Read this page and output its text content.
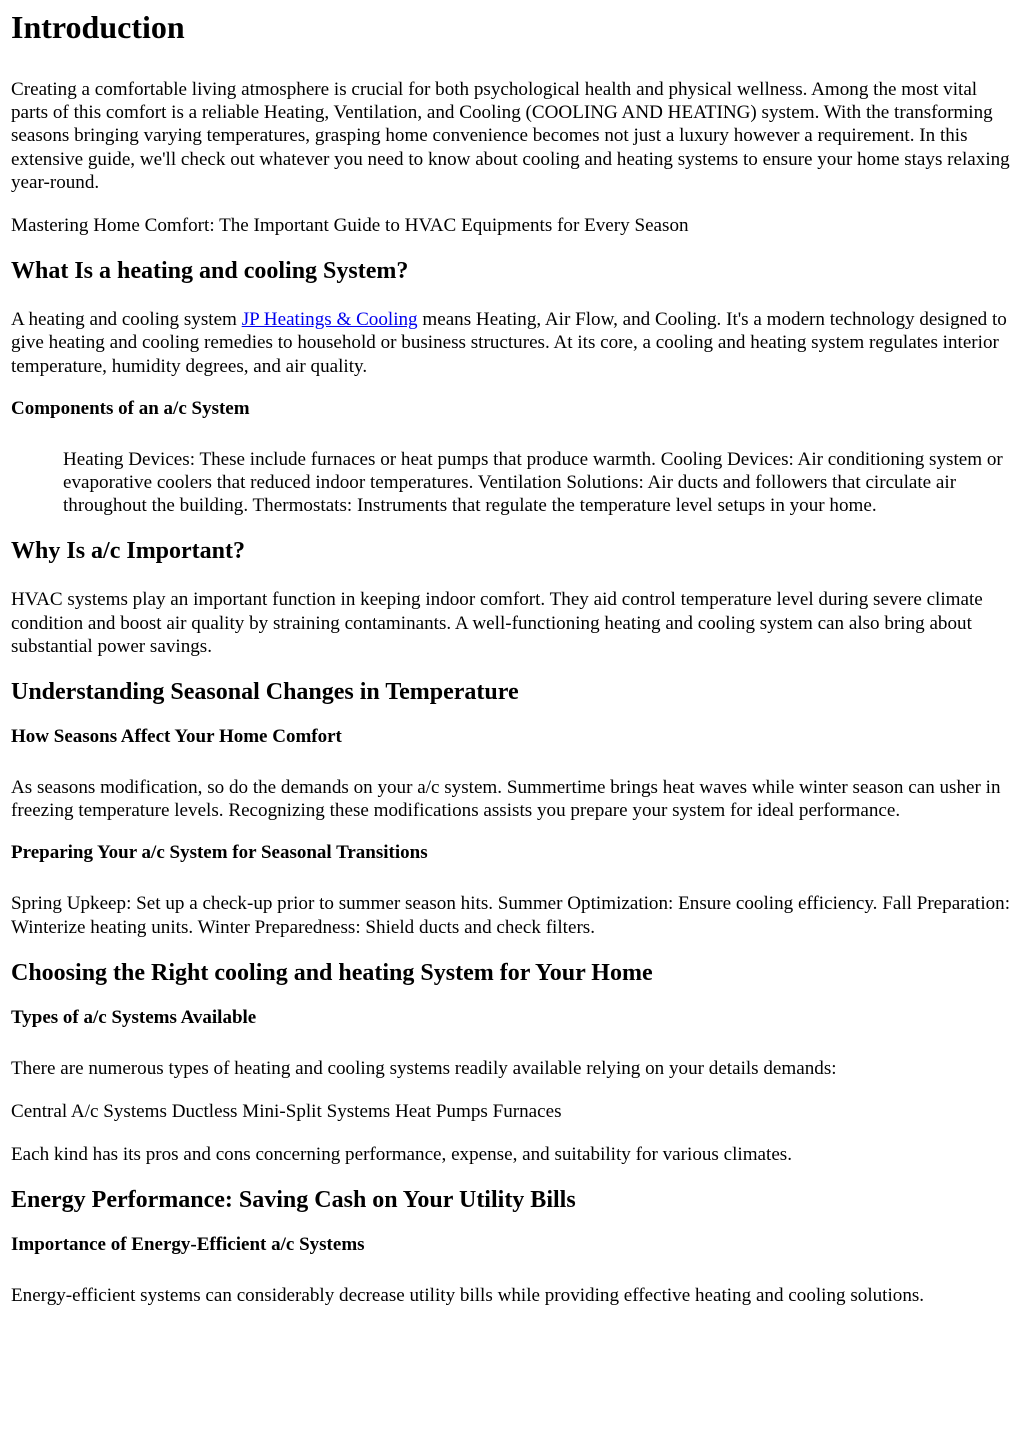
Introduction

Creating a comfortable living atmosphere is crucial for both psychological health and physical wellness. Among the most vital parts of this comfort is a reliable Heating, Ventilation, and Cooling (COOLING AND HEATING) system. With the transforming seasons bringing varying temperatures, grasping home convenience becomes not just a luxury however a requirement. In this extensive guide, we'll check out whatever you need to know about cooling and heating systems to ensure your home stays relaxing year-round.

Mastering Home Comfort: The Important Guide to HVAC Equipments for Every Season

What Is a heating and cooling System?

A heating and cooling system JP Heatings & Cooling means Heating, Air Flow, and Cooling. It's a modern technology designed to give heating and cooling remedies to household or business structures. At its core, a cooling and heating system regulates interior temperature, humidity degrees, and air quality.

Components of an a/c System
Heating Devices: These include furnaces or heat pumps that produce warmth. Cooling Devices: Air conditioning system or evaporative coolers that reduced indoor temperatures. Ventilation Solutions: Air ducts and followers that circulate air throughout the building. Thermostats: Instruments that regulate the temperature level setups in your home.
Why Is a/c Important?

HVAC systems play an important function in keeping indoor comfort. They aid control temperature level during severe climate condition and boost air quality by straining contaminants. A well-functioning heating and cooling system can also bring about substantial power savings.

Understanding Seasonal Changes in Temperature
How Seasons Affect Your Home Comfort

As seasons modification, so do the demands on your a/c system. Summertime brings heat waves while winter season can usher in freezing temperature levels. Recognizing these modifications assists you prepare your system for ideal performance.

Preparing Your a/c System for Seasonal Transitions

Spring Upkeep: Set up a check-up prior to summer season hits. Summer Optimization: Ensure cooling efficiency. Fall Preparation: Winterize heating units. Winter Preparedness: Shield ducts and check filters.

Choosing the Right cooling and heating System for Your Home
Types of a/c Systems Available

There are numerous types of heating and cooling systems readily available relying on your details demands:

Central A/c Systems Ductless Mini-Split Systems Heat Pumps Furnaces

Each kind has its pros and cons concerning performance, expense, and suitability for various climates.

Energy Performance: Saving Cash on Your Utility Bills
Importance of Energy-Efficient a/c Systems

Energy-efficient systems can considerably decrease utility bills while providing effective heating and cooling solutions.
